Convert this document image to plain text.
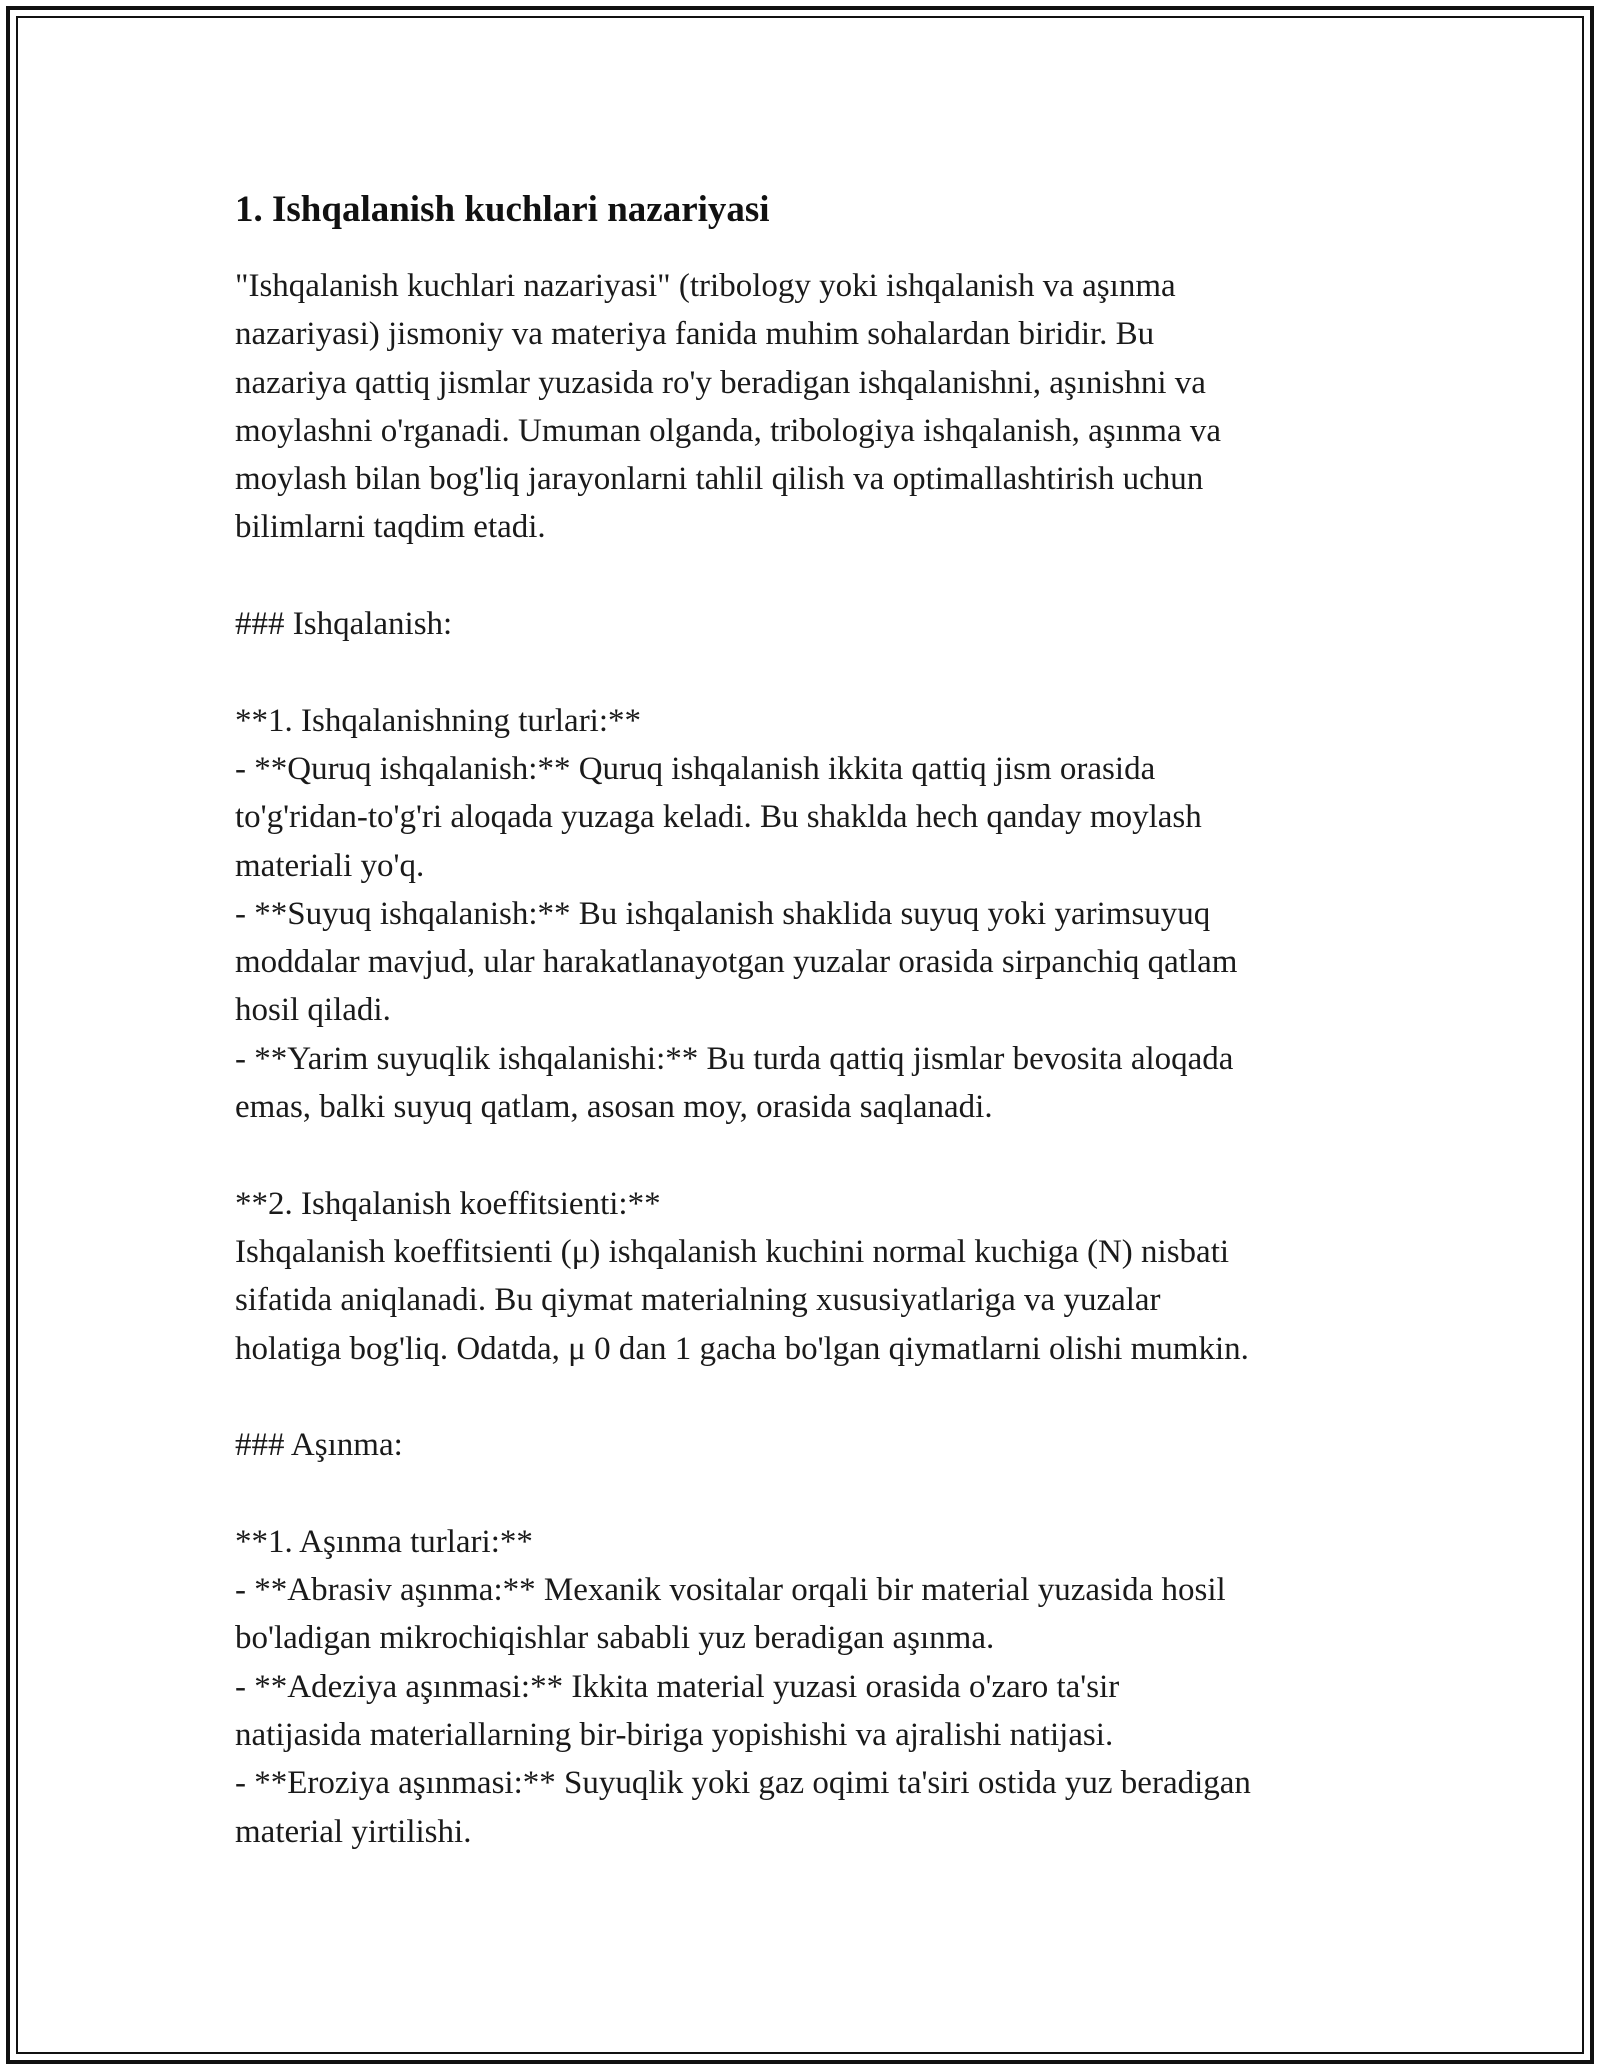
1. Ishqalanish kuchlari nazariyasi

"Ishqalanish kuchlari nazariyasi" (tribology yoki ishqalanish va aşınma

nazariyasi) jismoniy va materiya fanida muhim sohalardan biridir. Bu

nazariya qattiq jismlar yuzasida ro'y beradigan ishqalanishni, aşınishni va

moylashni o'rganadi. Umuman olganda, tribologiya ishqalanish, aşınma va

moylash bilan bog'liq jarayonlarni tahlil qilish va optimallashtirish uchun

bilimlarni taqdim etadi.

### Ishqalanish:

**1. Ishqalanishning turlari:**

- **Quruq ishqalanish:** Quruq ishqalanish ikkita qattiq jism orasida

to'g'ridan-to'g'ri aloqada yuzaga keladi. Bu shaklda hech qanday moylash

materiali yo'q.

- **Suyuq ishqalanish:** Bu ishqalanish shaklida suyuq yoki yarimsuyuq

moddalar mavjud, ular harakatlanayotgan yuzalar orasida sirpanchiq qatlam

hosil qiladi.

- **Yarim suyuqlik ishqalanishi:** Bu turda qattiq jismlar bevosita aloqada

emas, balki suyuq qatlam, asosan moy, orasida saqlanadi.

**2. Ishqalanish koeffitsienti:**

Ishqalanish koeffitsienti (μ) ishqalanish kuchini normal kuchiga (N) nisbati

sifatida aniqlanadi. Bu qiymat materialning xususiyatlariga va yuzalar

holatiga bog'liq. Odatda, μ 0 dan 1 gacha bo'lgan qiymatlarni olishi mumkin.

### Aşınma:

**1. Aşınma turlari:**

- **Abrasiv aşınma:** Mexanik vositalar orqali bir material yuzasida hosil

bo'ladigan mikrochiqishlar sababli yuz beradigan aşınma.

- **Adeziya aşınmasi:** Ikkita material yuzasi orasida o'zaro ta'sir

natijasida materiallarning bir-biriga yopishishi va ajralishi natijasi.

- **Eroziya aşınmasi:** Suyuqlik yoki gaz oqimi ta'siri ostida yuz beradigan

material yirtilishi.
